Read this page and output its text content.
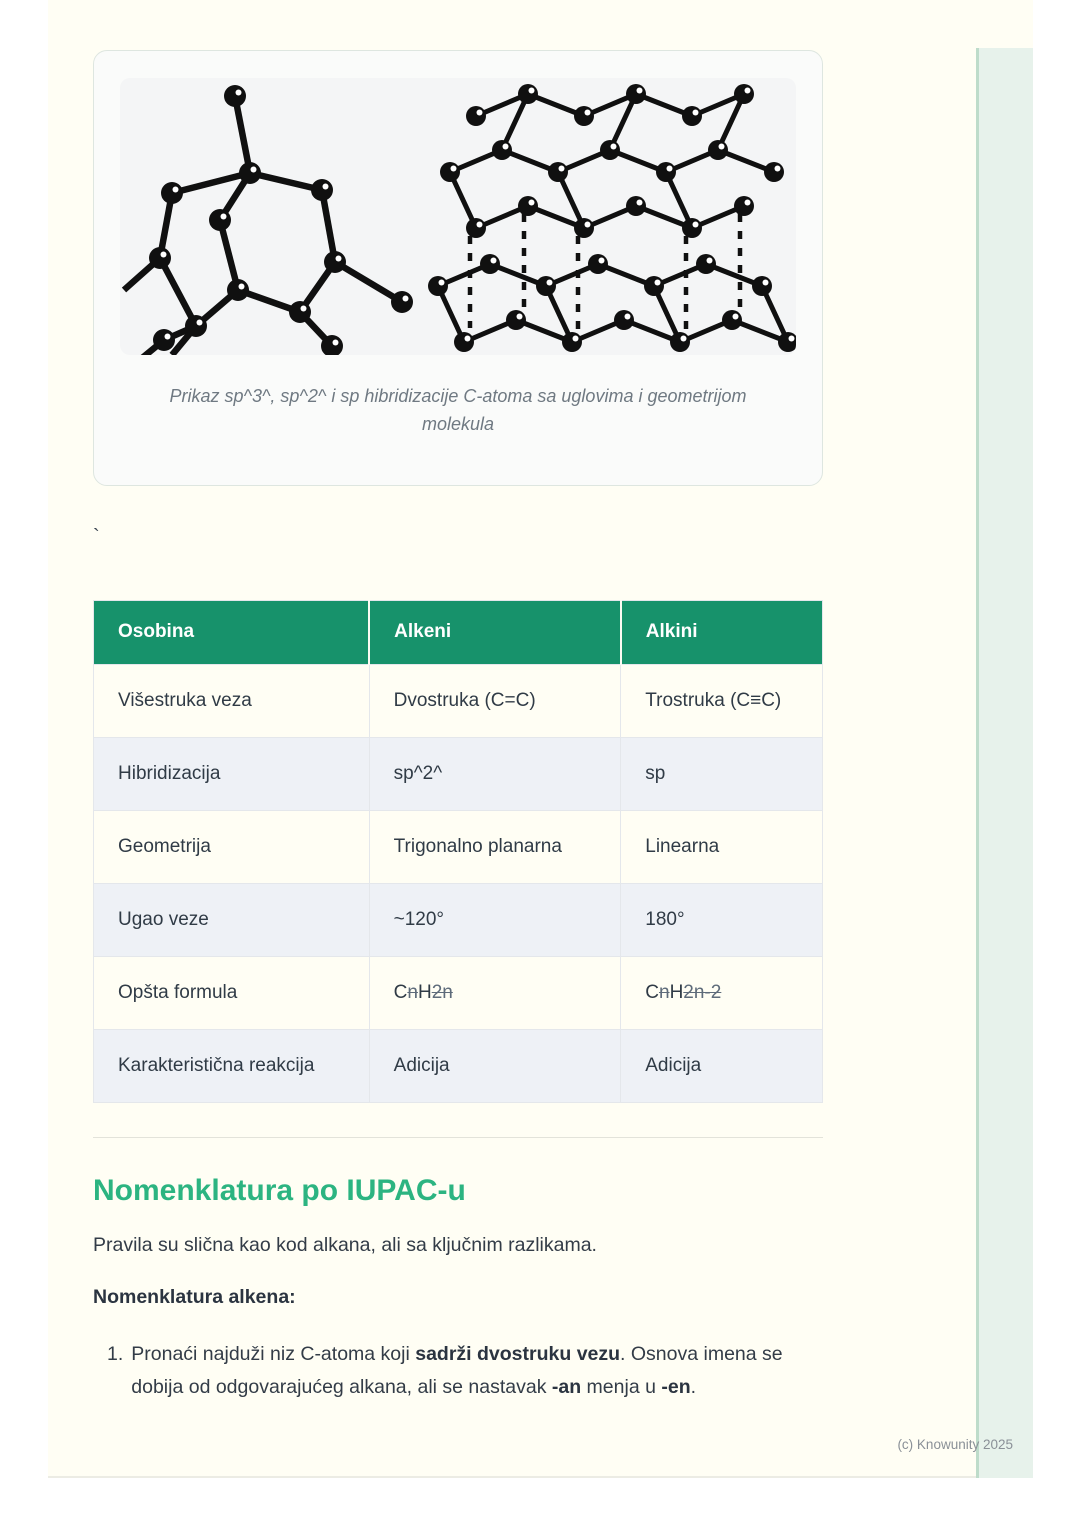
Prikaz sp^3^, sp^2^ i sp hibridizacije C-atoma sa uglovima i geometrijom molekula

`
Osobina	Alkeni	Alkini
Višestruka veza	Dvostruka (C=C)	Trostruka (C≡C)
Hibridizacija	sp^2^	sp
Geometrija	Trigonalno planarna	Linearna
Ugao veze	~120°	180°
Opšta formula	CnH2n	CnH2n-2
Karakteristična reakcija	Adicija	Adicija
Nomenklatura po IUPAC-u

Pravila su slična kao kod alkana, ali sa ključnim razlikama.

Nomenklatura alkena:

1. Pronaći najduži niz C-atoma koji sadrži dvostruku vezu. Osnova imena se dobija od odgovarajućeg alkana, ali se nastavak -an menja u -en.
(c) Knowunity 2025
